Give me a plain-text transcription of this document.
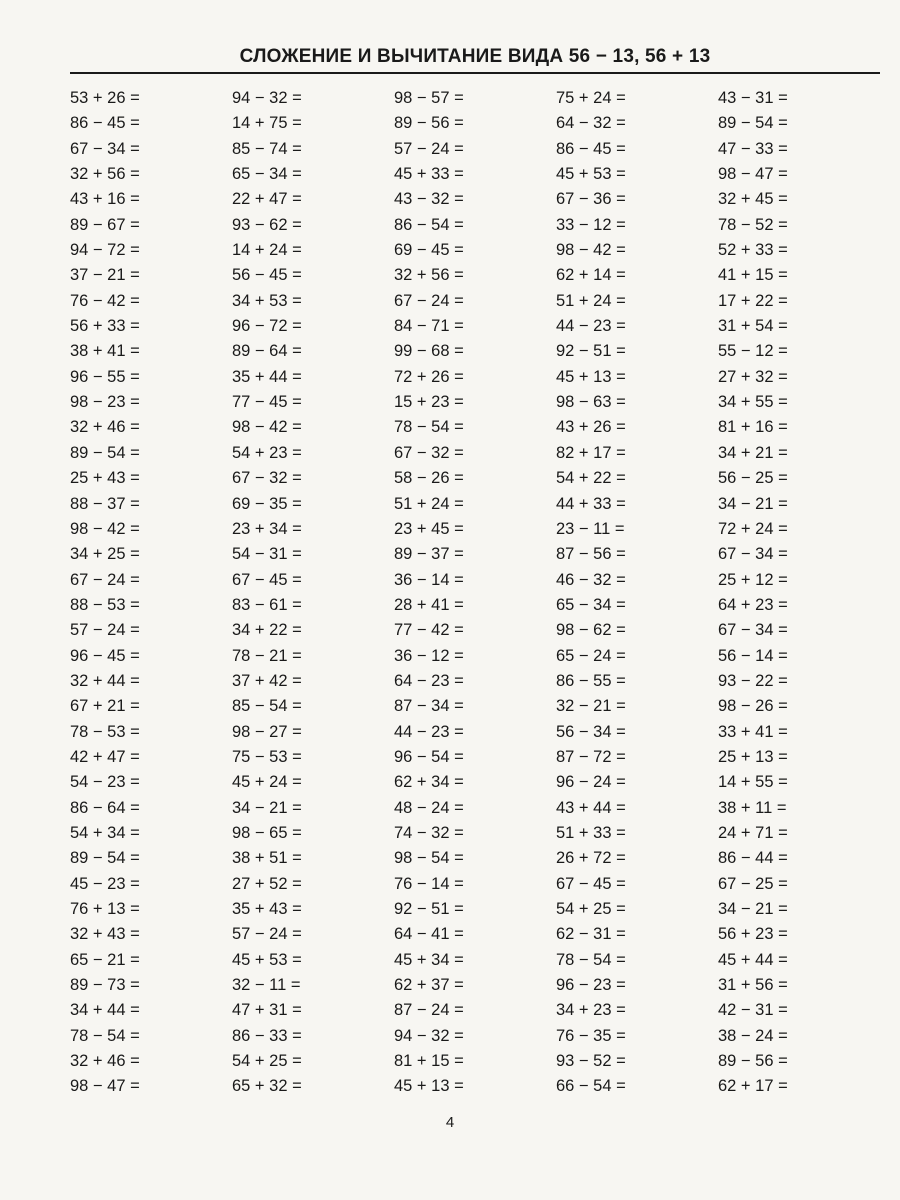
СЛОЖЕНИЕ И ВЫЧИТАНИЕ ВИДА 56 − 13, 56 + 13
53 + 26 =
86 − 45 =
67 − 34 =
32 + 56 =
43 + 16 =
89 − 67 =
94 − 72 =
37 − 21 =
76 − 42 =
56 + 33 =
38 + 41 =
96 − 55 =
98 − 23 =
32 + 46 =
89 − 54 =
25 + 43 =
88 − 37 =
98 − 42 =
34 + 25 =
67 − 24 =
88 − 53 =
57 − 24 =
96 − 45 =
32 + 44 =
67 + 21 =
78 − 53 =
42 + 47 =
54 − 23 =
86 − 64 =
54 + 34 =
89 − 54 =
45 − 23 =
76 + 13 =
32 + 43 =
65 − 21 =
89 − 73 =
34 + 44 =
78 − 54 =
32 + 46 =
98 − 47 =
94 − 32 =
14 + 75 =
85 − 74 =
65 − 34 =
22 + 47 =
93 − 62 =
14 + 24 =
56 − 45 =
34 + 53 =
96 − 72 =
89 − 64 =
35 + 44 =
77 − 45 =
98 − 42 =
54 + 23 =
67 − 32 =
69 − 35 =
23 + 34 =
54 − 31 =
67 − 45 =
83 − 61 =
34 + 22 =
78 − 21 =
37 + 42 =
85 − 54 =
98 − 27 =
75 − 53 =
45 + 24 =
34 − 21 =
98 − 65 =
38 + 51 =
27 + 52 =
35 + 43 =
57 − 24 =
45 + 53 =
32 − 11 =
47 + 31 =
86 − 33 =
54 + 25 =
65 + 32 =
98 − 57 =
89 − 56 =
57 − 24 =
45 + 33 =
43 − 32 =
86 − 54 =
69 − 45 =
32 + 56 =
67 − 24 =
84 − 71 =
99 − 68 =
72 + 26 =
15 + 23 =
78 − 54 =
67 − 32 =
58 − 26 =
51 + 24 =
23 + 45 =
89 − 37 =
36 − 14 =
28 + 41 =
77 − 42 =
36 − 12 =
64 − 23 =
87 − 34 =
44 − 23 =
96 − 54 =
62 + 34 =
48 − 24 =
74 − 32 =
98 − 54 =
76 − 14 =
92 − 51 =
64 − 41 =
45 + 34 =
62 + 37 =
87 − 24 =
94 − 32 =
81 + 15 =
45 + 13 =
75 + 24 =
64 − 32 =
86 − 45 =
45 + 53 =
67 − 36 =
33 − 12 =
98 − 42 =
62 + 14 =
51 + 24 =
44 − 23 =
92 − 51 =
45 + 13 =
98 − 63 =
43 + 26 =
82 + 17 =
54 + 22 =
44 + 33 =
23 − 11 =
87 − 56 =
46 − 32 =
65 − 34 =
98 − 62 =
65 − 24 =
86 − 55 =
32 − 21 =
56 − 34 =
87 − 72 =
96 − 24 =
43 + 44 =
51 + 33 =
26 + 72 =
67 − 45 =
54 + 25 =
62 − 31 =
78 − 54 =
96 − 23 =
34 + 23 =
76 − 35 =
93 − 52 =
66 − 54 =
43 − 31 =
89 − 54 =
47 − 33 =
98 − 47 =
32 + 45 =
78 − 52 =
52 + 33 =
41 + 15 =
17 + 22 =
31 + 54 =
55 − 12 =
27 + 32 =
34 + 55 =
81 + 16 =
34 + 21 =
56 − 25 =
34 − 21 =
72 + 24 =
67 − 34 =
25 + 12 =
64 + 23 =
67 − 34 =
56 − 14 =
93 − 22 =
98 − 26 =
33 + 41 =
25 + 13 =
14 + 55 =
38 + 11 =
24 + 71 =
86 − 44 =
67 − 25 =
34 − 21 =
56 + 23 =
45 + 44 =
31 + 56 =
42 − 31 =
38 − 24 =
89 − 56 =
62 + 17 =
4
